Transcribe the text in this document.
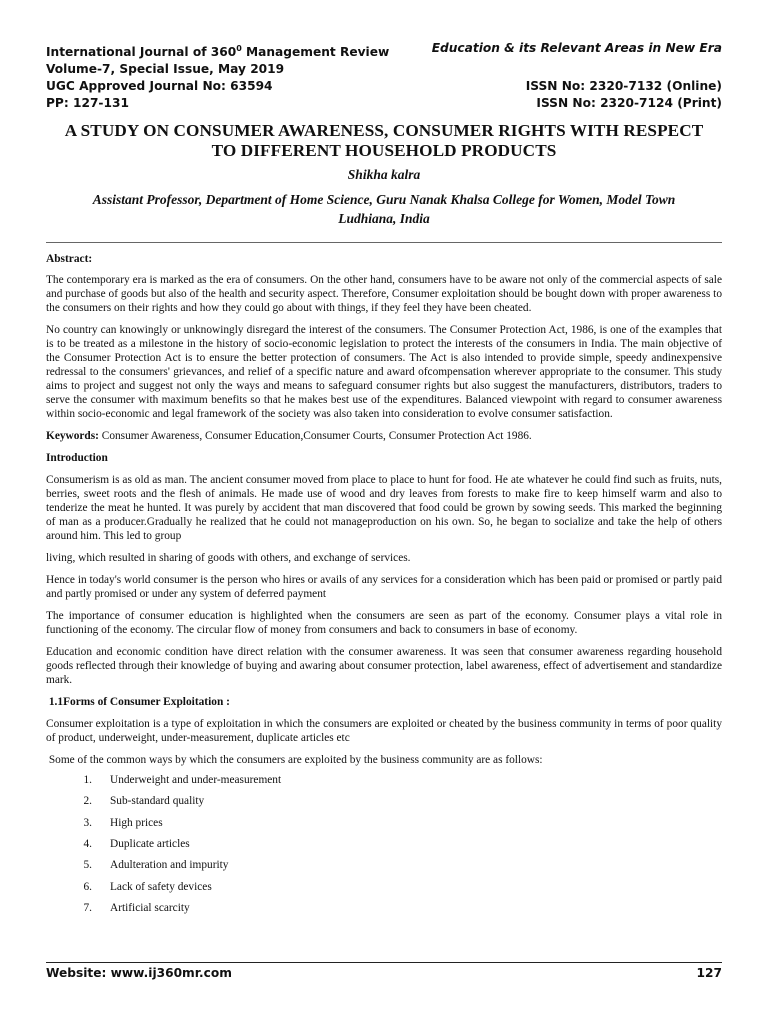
International Journal of $360^0$ Management Review	Education & its Relevant Areas in New Era
Volume-7, Special Issue, May 2019
UGC Approved Journal No: 63594	ISSN No: 2320-7132 (Online)
PP: 127-131	ISSN No: 2320-7124 (Print)
A STUDY ON CONSUMER AWARENESS, CONSUMER RIGHTS WITH RESPECT
TO DIFFERENT HOUSEHOLD PRODUCTS
Shikha kalra
Assistant Professor, Department of Home Science, Guru Nanak Khalsa College for Women, Model Town
Ludhiana, India

Abstract:

The contemporary era is marked as the era of consumers. On the other hand, consumers have to be aware not only of the commercial aspects of sale and purchase of goods but also of the health and security aspect. Therefore, Consumer exploitation should be bought down with proper awareness to the consumers on their rights and how they could go about with things, if they feel they have been cheated.

No country can knowingly or unknowingly disregard the interest of the consumers. The Consumer Protection Act, 1986, is one of the examples that is to be treated as a milestone in the history of socio-economic legislation to protect the interests of the consumers in India. The main objective of the Consumer Protection Act is to ensure the better protection of consumers. The Act is also intended to provide simple, speedy andinexpensive redressal to the consumers' grievances, and relief of a specific nature and award ofcompensation wherever appropriate to the consumer. This study aims to project and suggest not only the ways and means to safeguard consumer rights but also suggest the manufacturers, distributors, traders to serve the consumer with maximum benefits so that he makes best use of the expenditures. Balanced viewpoint with regard to consumer awareness within socio-economic and legal framework of the society was also taken into consideration to evolve consumer satisfaction.

Keywords: Consumer Awareness, Consumer Education,Consumer Courts, Consumer Protection Act 1986.

Introduction

Consumerism is as old as man. The ancient consumer moved from place to place to hunt for food. He ate whatever he could find such as fruits, nuts, berries, sweet roots and the flesh of animals. He made use of wood and dry leaves from forests to make fire to keep himself warm and also to tenderize the meat he hunted. It was purely by accident that man discovered that food could be grown by sowing seeds. This marked the beginning of man as a producer.Gradually he realized that he could not manageproduction on his own. So, he began to socialize and take the help of others around him. This led to group

living, which resulted in sharing of goods with others, and exchange of services.

Hence in today's world consumer is the person who hires or avails of any services for a consideration which has been paid or promised or partly paid and partly promised or under any system of deferred payment

The importance of consumer education is highlighted when the consumers are seen as part of the economy. Consumer plays a vital role in functioning of the economy. The circular flow of money from consumers and back to consumers in base of economy.

Education and economic condition have direct relation with the consumer awareness. It was seen that consumer awareness regarding household goods reflected through their knowledge of buying and awaring about consumer protection, label awareness, effect of advertisement and standardize mark.

1.1Forms of Consumer Exploitation :

Consumer exploitation is a type of exploitation in which the consumers are exploited or cheated by the business community in terms of poor quality of product, underweight, under-measurement, duplicate articles etc

Some of the common ways by which the consumers are exploited by the business community are as follows:

1. Underweight and under-measurement
2. Sub-standard quality
3. High prices
4. Duplicate articles
5. Adulteration and impurity
6. Lack of safety devices
7. Artificial scarcity
Website: www.ij360mr.com	127
